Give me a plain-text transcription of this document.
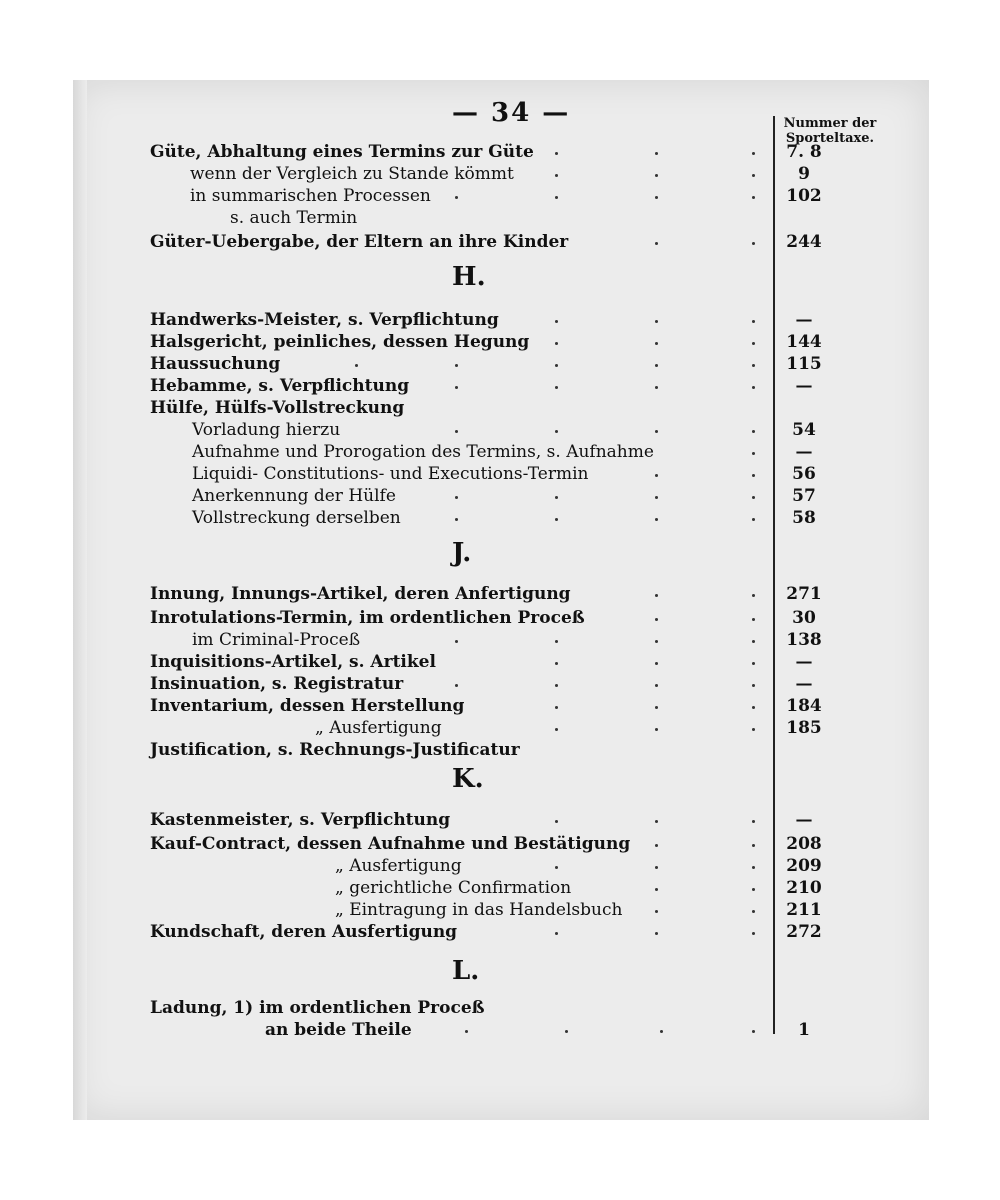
— 34 —	Nummer der
Sporteltaxe.
H.
J.
K.
L.
Güte, Abhaltung eines Termins zur Güte	7. 8
wenn der Vergleich zu Stande kömmt	9
in summarischen Processen	102
s. auch Termin
Güter-Uebergabe, der Eltern an ihre Kinder	244
Handwerks-Meister, s. Verpflichtung	—
Halsgericht, peinliches, dessen Hegung	144
Haussuchung	115
Hebamme, s. Verpflichtung	—
Hülfe, Hülfs-Vollstreckung
Vorladung hierzu	54
Aufnahme und Prorogation des Termins, s. Aufnahme	—
Liquidi- Constitutions- und Executions-Termin	56
Anerkennung der Hülfe	57
Vollstreckung derselben	58
Innung, Innungs-Artikel, deren Anfertigung	271
Inrotulations-Termin, im ordentlichen Proceß	30
im Criminal-Proceß	138
Inquisitions-Artikel, s. Artikel	—
Insinuation, s. Registratur	—
Inventarium, dessen Herstellung	184
„ Ausfertigung	185
Justification, s. Rechnungs-Justificatur
Kastenmeister, s. Verpflichtung	—
Kauf-Contract, dessen Aufnahme und Bestätigung	208
„ Ausfertigung	209
„ gerichtliche Confirmation	210
„ Eintragung in das Handelsbuch	211
Kundschaft, deren Ausfertigung	272
Ladung, 1) im ordentlichen Proceß
an beide Theile	1
